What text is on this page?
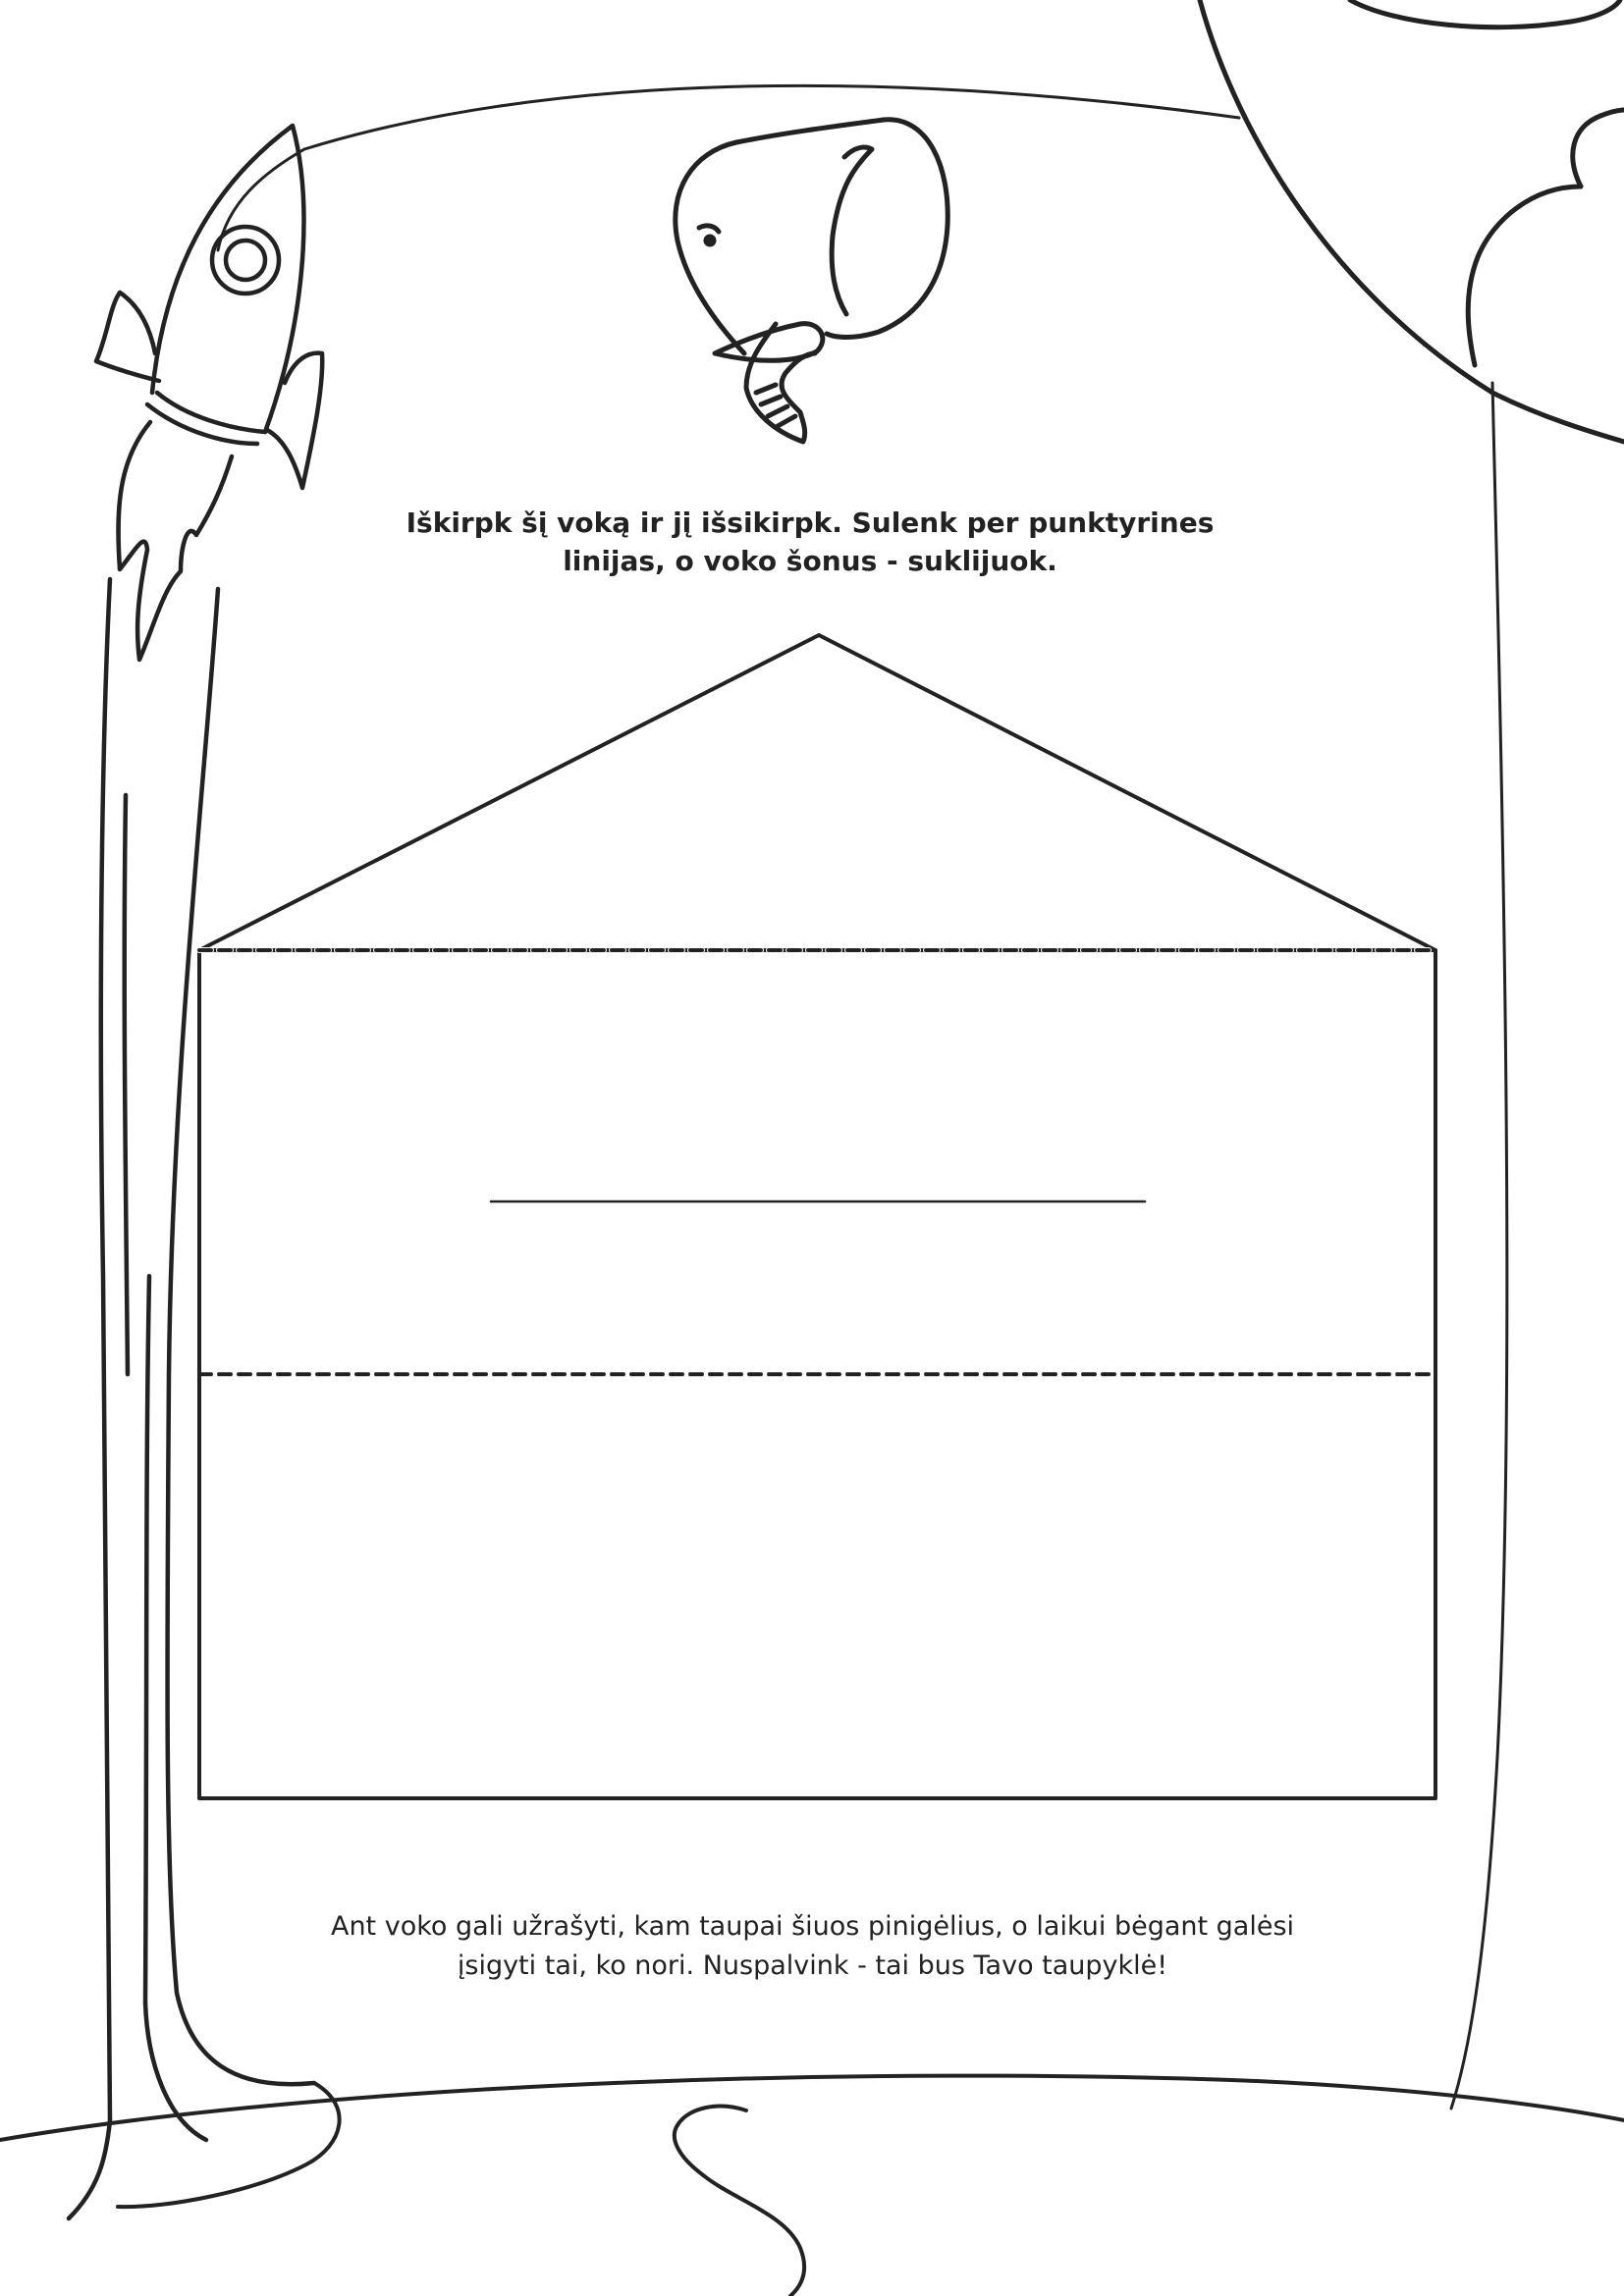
Iškirpk šį voką ir jį išsikirpk. Sulenk per punktyrines
linijas, o voko šonus - suklijuok.
Ant voko gali užrašyti, kam taupai šiuos pinigėlius, o laikui bėgant galėsi
įsigyti tai, ko nori. Nuspalvink - tai bus Tavo taupyklė!
